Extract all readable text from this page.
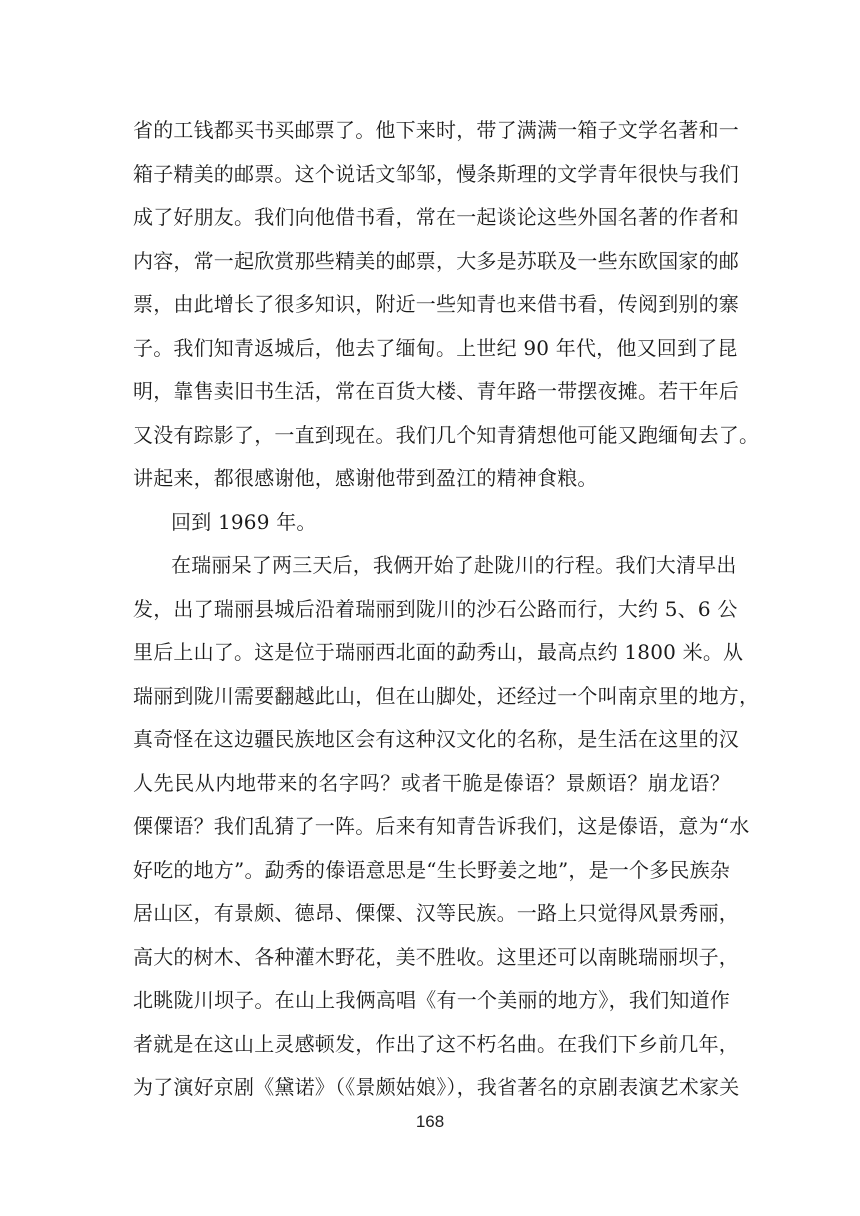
省的工钱都买书买邮票了。他下来时，带了满满一箱子文学名著和一
箱子精美的邮票。这个说话文邹邹，慢条斯理的文学青年很快与我们
成了好朋友。我们向他借书看，常在一起谈论这些外国名著的作者和
内容，常一起欣赏那些精美的邮票，大多是苏联及一些东欧国家的邮
票，由此增长了很多知识，附近一些知青也来借书看，传阅到别的寨
子。我们知青返城后，他去了缅甸。上世纪 90 年代，他又回到了昆
明，靠售卖旧书生活，常在百货大楼、青年路一带摆夜摊。若干年后
又没有踪影了，一直到现在。我们几个知青猜想他可能又跑缅甸去了。
讲起来，都很感谢他，感谢他带到盈江的精神食粮。
回到 1969 年。
在瑞丽呆了两三天后，我俩开始了赴陇川的行程。我们大清早出
发，出了瑞丽县城后沿着瑞丽到陇川的沙石公路而行，大约 5、6 公
里后上山了。这是位于瑞丽西北面的勐秀山，最高点约 1800 米。从
瑞丽到陇川需要翻越此山，但在山脚处，还经过一个叫南京里的地方，
真奇怪在这边疆民族地区会有这种汉文化的名称，是生活在这里的汉
人先民从内地带来的名字吗？或者干脆是傣语？景颇语？崩龙语？
傈僳语？我们乱猜了一阵。后来有知青告诉我们，这是傣语，意为“水
好吃的地方”。勐秀的傣语意思是“生长野姜之地”，是一个多民族杂
居山区，有景颇、德昂、傈僳、汉等民族。一路上只觉得风景秀丽，
高大的树木、各种灌木野花，美不胜收。这里还可以南眺瑞丽坝子，
北眺陇川坝子。在山上我俩高唱《有一个美丽的地方》，我们知道作
者就是在这山上灵感顿发，作出了这不朽名曲。在我们下乡前几年，
为了演好京剧《黛诺》（《景颇姑娘》），我省著名的京剧表演艺术家关
168
